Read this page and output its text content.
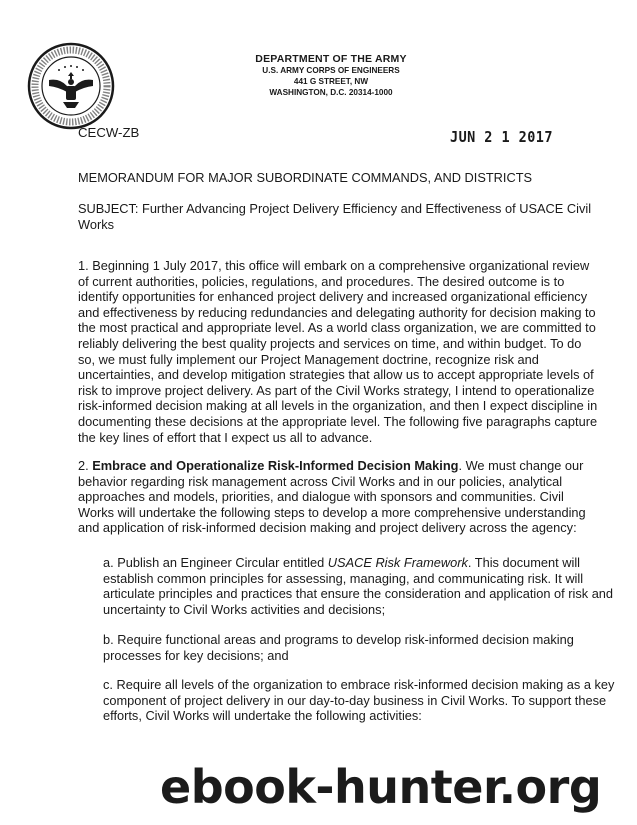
DEPARTMENT OF THE ARMY
U.S. ARMY CORPS OF ENGINEERS
441 G STREET, NW
WASHINGTON, D.C. 20314-1000
CECW-ZB	JUN 2 1 2017
MEMORANDUM FOR MAJOR SUBORDINATE COMMANDS, AND DISTRICTS
SUBJECT: Further Advancing Project Delivery Efficiency and Effectiveness of USACE Civil Works
1. Beginning 1 July 2017, this office will embark on a comprehensive organizational review of current authorities, policies, regulations, and procedures. The desired outcome is to identify opportunities for enhanced project delivery and increased organizational efficiency and effectiveness by reducing redundancies and delegating authority for decision making to the most practical and appropriate level. As a world class organization, we are committed to reliably delivering the best quality projects and services on time, and within budget. To do so, we must fully implement our Project Management doctrine, recognize risk and uncertainties, and develop mitigation strategies that allow us to accept appropriate levels of risk to improve project delivery. As part of the Civil Works strategy, I intend to operationalize risk-informed decision making at all levels in the organization, and then I expect discipline in documenting these decisions at the appropriate level. The following five paragraphs capture the key lines of effort that I expect us all to advance.
2. Embrace and Operationalize Risk-Informed Decision Making. We must change our behavior regarding risk management across Civil Works and in our policies, analytical approaches and models, priorities, and dialogue with sponsors and communities. Civil Works will undertake the following steps to develop a more comprehensive understanding and application of risk-informed decision making and project delivery across the agency:
a. Publish an Engineer Circular entitled USACE Risk Framework. This document will establish common principles for assessing, managing, and communicating risk. It will articulate principles and practices that ensure the consideration and application of risk and uncertainty to Civil Works activities and decisions;
b. Require functional areas and programs to develop risk-informed decision making processes for key decisions; and
c. Require all levels of the organization to embrace risk-informed decision making as a key component of project delivery in our day-to-day business in Civil Works. To support these efforts, Civil Works will undertake the following activities:
ebook-hunter.org
